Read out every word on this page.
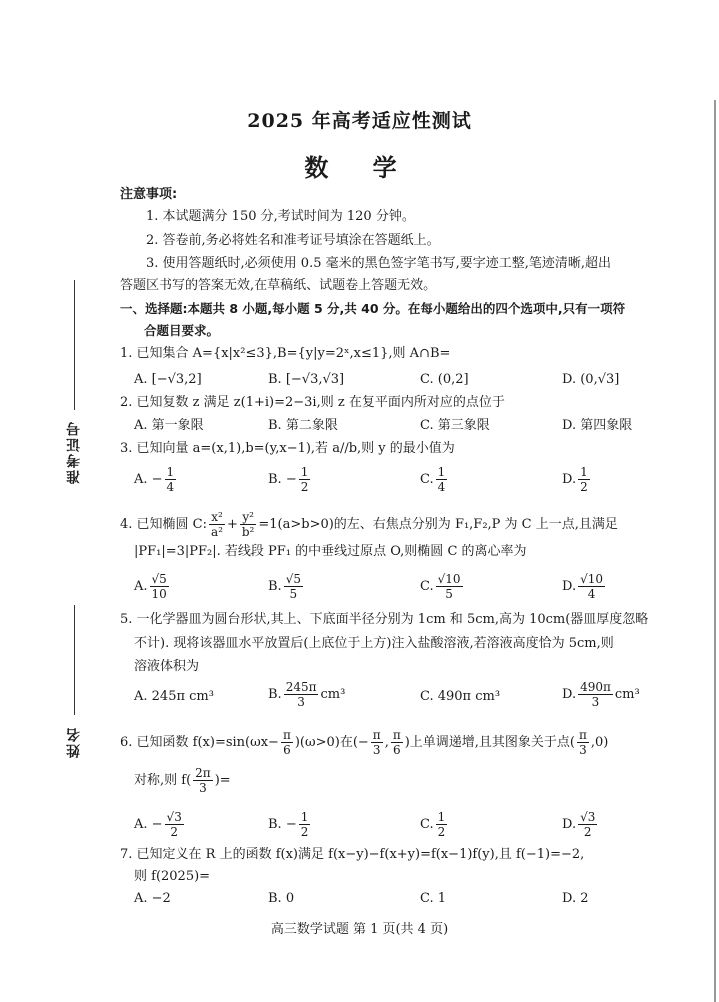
准考证号
姓名
2025 年高考适应性测试
数 学
注意事项:
1. 本试题满分 150 分,考试时间为 120 分钟。
2. 答卷前,务必将姓名和准考证号填涂在答题纸上。
3. 使用答题纸时,必须使用 0.5 毫米的黑色签字笔书写,要字迹工整,笔迹清晰,超出
答题区书写的答案无效,在草稿纸、试题卷上答题无效。
一、选择题:本题共 8 小题,每小题 5 分,共 40 分。在每小题给出的四个选项中,只有一项符
合题目要求。
1. 已知集合 A={x|x²≤3},B={y|y=2ˣ,x≤1},则 A∩B=
A. [−√3,2]	B. [−√3,√3]	C. (0,2]	D. (0,√3]
2. 已知复数 z 满足 z(1+i)=2−3i,则 z 在复平面内所对应的点位于
A. 第一象限	B. 第二象限	C. 第三象限	D. 第四象限
3. 已知向量 a=(x,1),b=(y,x−1),若 a//b,则 y 的最小值为
A. − $\frac{1}{4}$	B. − $\frac{1}{2}$	C. $\frac{1}{4}$	D. $\frac{1}{2}$
4. 已知椭圆 C: $\frac{\text{x²}}{\text{a²}} + \frac{\text{y²}}{\text{b²}} =1(a>b>0)$的左、右焦点分别为 F₁,F₂,P 为 C 上一点,且满足
|PF₁|=3|PF₂|. 若线段 PF₁ 的中垂线过原点 O,则椭圆 C 的离心率为
A. $\frac{√5}{10}$	B. $\frac{√5}{5}$	C. $\frac{√10}{5}$	D. $\frac{√10}{4}$
5. 一化学器皿为圆台形状,其上、下底面半径分别为 1cm 和 5cm,高为 10cm(器皿厚度忽略
不计). 现将该器皿水平放置后(上底位于上方)注入盐酸溶液,若溶液高度恰为 5cm,则
溶液体积为
A. 245π cm³	B. $\frac{245\pi}{3} cm^3$	C. 490π cm³	D. $\frac{490\pi}{3} cm^3$
6. 已知函数 $f(x)=\sin(\omega x- \frac{\pi}{6} )(\omega>0)$在(− $\frac{\pi}{3}$ , $\frac{\pi}{6}$ )上单调递增,且其图象关于点( $\frac{\pi}{3} ,0$)
对称,则 $f( \frac{2\pi}{3}$ )=
A. − $\frac{√3}{2}$	B. − $\frac{1}{2}$	C. $\frac{1}{2}$	D. $\frac{√3}{2}$
7. 已知定义在 R 上的函数 f(x)满足 f(x−y)−f(x+y)=f(x−1)f(y),且 f(−1)=−2,
则 f(2025)=
A. −2	B. 0	C. 1	D. 2
高三数学试题 第 1 页(共 4 页)
